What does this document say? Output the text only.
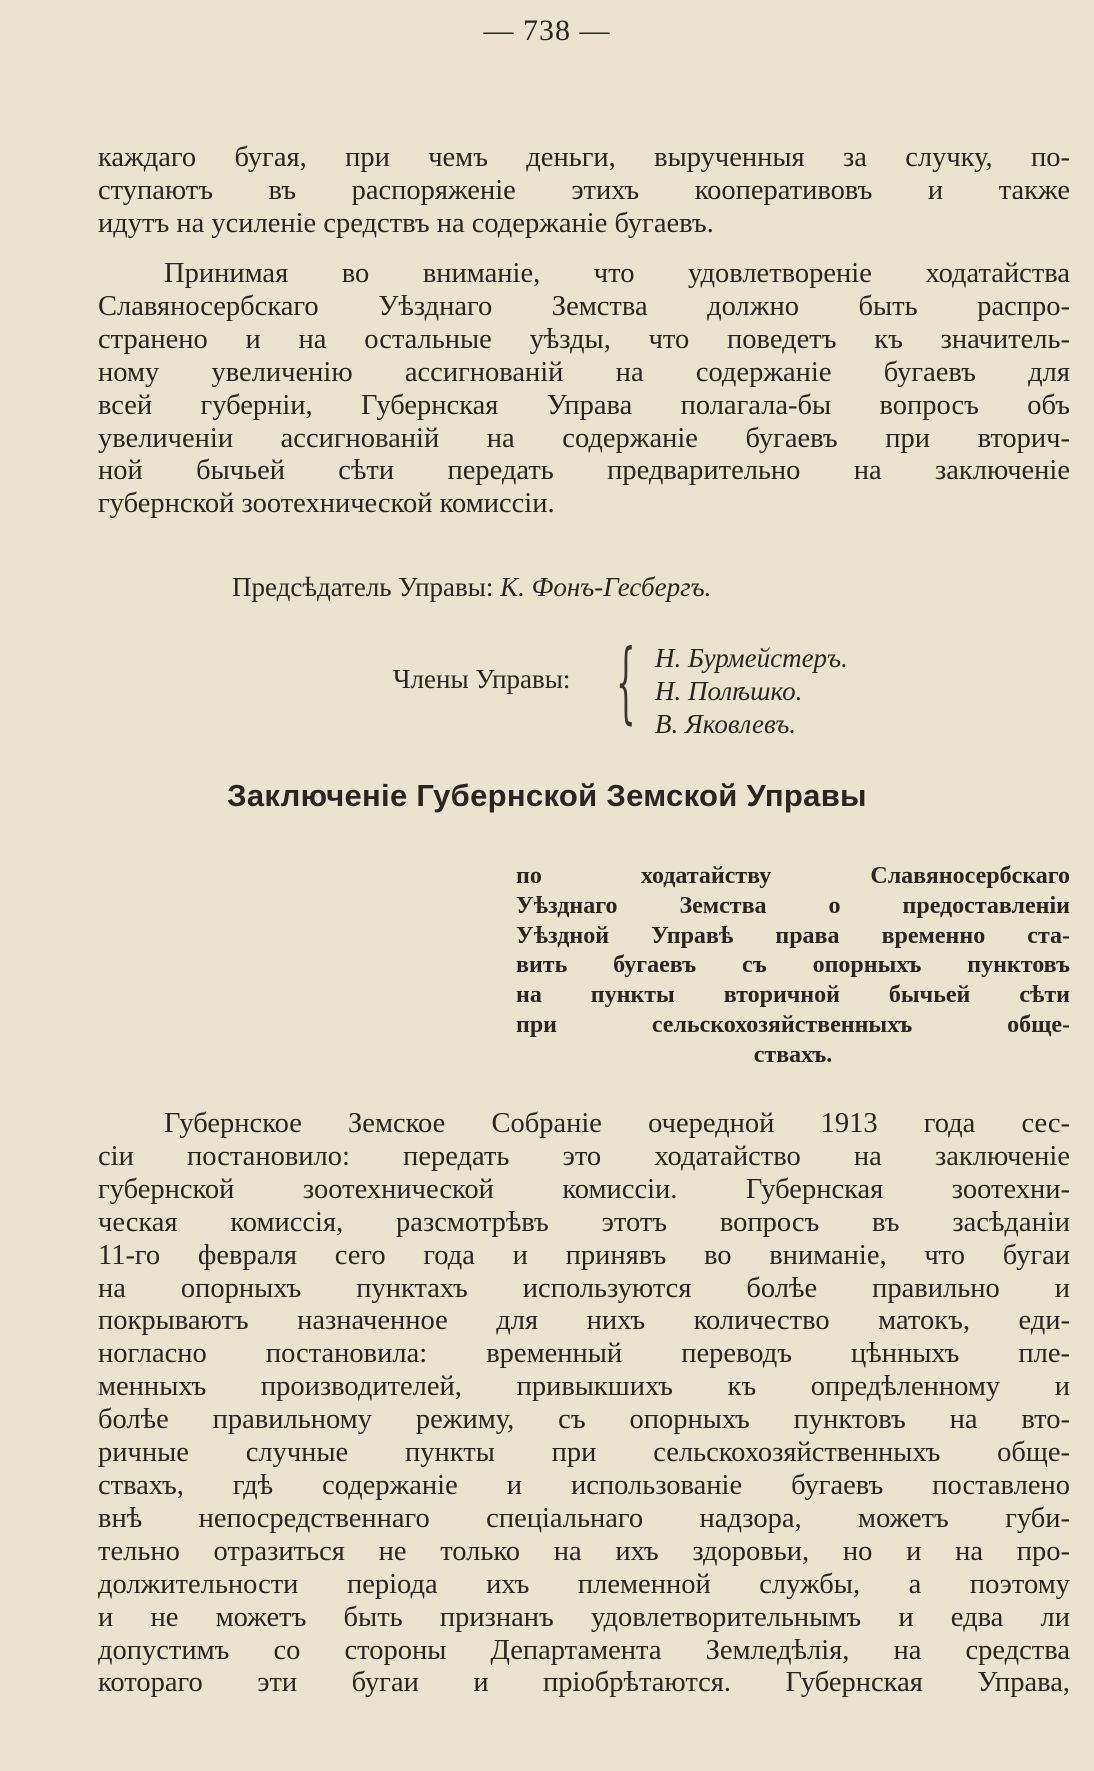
— 738 —
каждаго бугая, при чемъ деньги, вырученныя за случку, по-
ступаютъ въ распоряженіе этихъ кооперативовъ и также
идутъ на усиленіе средствъ на содержаніе бугаевъ.
Принимая во вниманіе, что удовлетвореніе ходатайства
Славяносербскаго Уѣзднаго Земства должно быть распро-
странено и на остальные уѣзды, что поведетъ къ значитель-
ному увеличенію ассигнованій на содержаніе бугаевъ для
всей губерніи, Губернская Управа полагала-бы вопросъ объ
увеличеніи ассигнованій на содержаніе бугаевъ при вторич-
ной бычьей сѣти передать предварительно на заключеніе
губернской зоотехнической комиссіи.
Предсѣдатель Управы: К. Фонъ-Гесбергъ.
Члены Управы: { Н. Бурмейстеръ.
Н. Полѣшко.
В. Яковлевъ.
Заключеніе Губернской Земской Управы
по ходатайству Славяносербскаго
Уѣзднаго Земства о предоставленіи
Уѣздной Управѣ права временно ста-
вить бугаевъ съ опорныхъ пунктовъ
на пункты вторичной бычьей сѣти
при сельскохозяйственныхъ обще-
ствахъ.
Губернское Земское Собраніе очередной 1913 года сес-
сіи постановило: передать это ходатайство на заключеніе
губернской зоотехнической комиссіи. Губернская зоотехни-
ческая комиссія, разсмотрѣвъ этотъ вопросъ въ засѣданіи
11-го февраля сего года и принявъ во вниманіе, что бугаи
на опорныхъ пунктахъ используются болѣе правильно и
покрываютъ назначенное для нихъ количество матокъ, еди-
ногласно постановила: временный переводъ цѣнныхъ пле-
менныхъ производителей, привыкшихъ къ опредѣленному и
болѣе правильному режиму, съ опорныхъ пунктовъ на вто-
ричные случные пункты при сельскохозяйственныхъ обще-
ствахъ, гдѣ содержаніе и использованіе бугаевъ поставлено
внѣ непосредственнаго спеціальнаго надзора, можетъ губи-
тельно отразиться не только на ихъ здоровьи, но и на про-
должительности періода ихъ племенной службы, а поэтому
и не можетъ быть признанъ удовлетворительнымъ и едва ли
допустимъ со стороны Департамента Земледѣлія, на средства
котораго эти бугаи и пріобрѣтаются. Губернская Управа,
